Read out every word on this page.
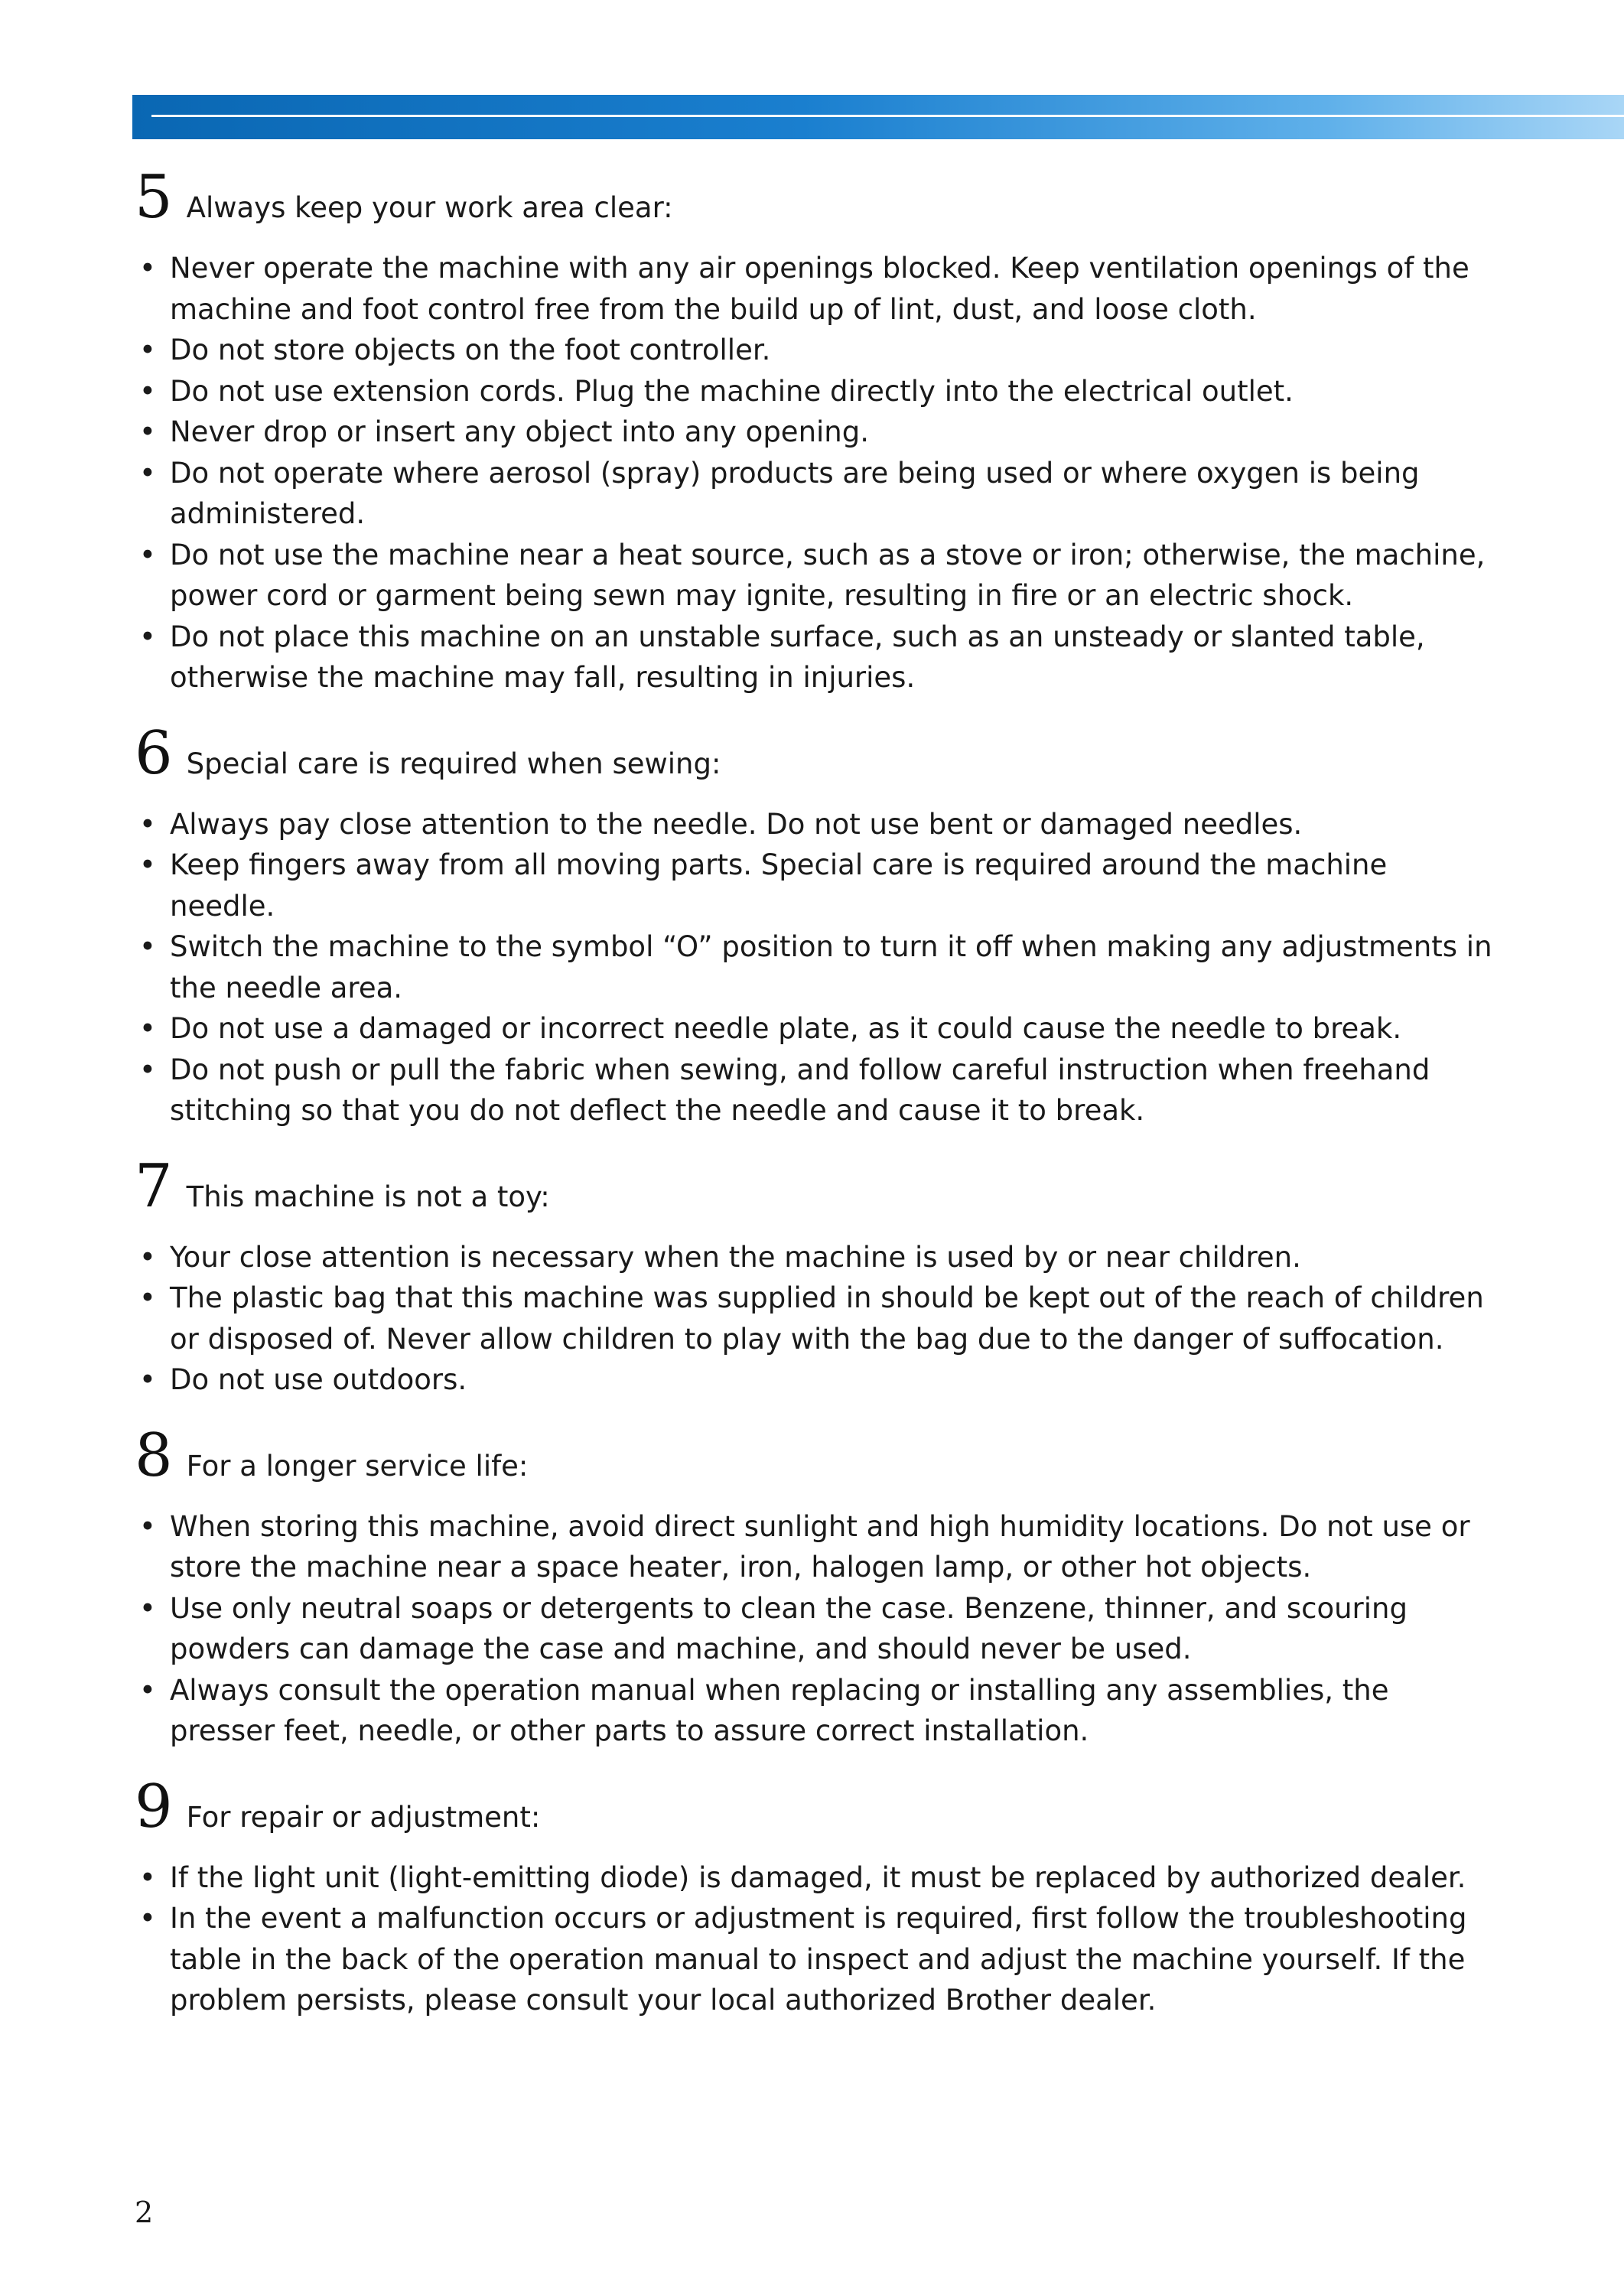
5 Always keep your work area clear:
• Never operate the machine with any air openings blocked. Keep ventilation openings of the machine and foot control free from the build up of lint, dust, and loose cloth.
• Do not store objects on the foot controller.
• Do not use extension cords. Plug the machine directly into the electrical outlet.
• Never drop or insert any object into any opening.
• Do not operate where aerosol (spray) products are being used or where oxygen is being administered.
• Do not use the machine near a heat source, such as a stove or iron; otherwise, the machine, power cord or garment being sewn may ignite, resulting in fire or an electric shock.
• Do not place this machine on an unstable surface, such as an unsteady or slanted table, otherwise the machine may fall, resulting in injuries.
6 Special care is required when sewing:
• Always pay close attention to the needle. Do not use bent or damaged needles.
• Keep fingers away from all moving parts. Special care is required around the machine needle.
• Switch the machine to the symbol “O” position to turn it off when making any adjustments in the needle area.
• Do not use a damaged or incorrect needle plate, as it could cause the needle to break.
• Do not push or pull the fabric when sewing, and follow careful instruction when freehand stitching so that you do not deflect the needle and cause it to break.
7 This machine is not a toy:
• Your close attention is necessary when the machine is used by or near children.
• The plastic bag that this machine was supplied in should be kept out of the reach of children or disposed of. Never allow children to play with the bag due to the danger of suffocation.
• Do not use outdoors.
8 For a longer service life:
• When storing this machine, avoid direct sunlight and high humidity locations. Do not use or store the machine near a space heater, iron, halogen lamp, or other hot objects.
• Use only neutral soaps or detergents to clean the case. Benzene, thinner, and scouring powders can damage the case and machine, and should never be used.
• Always consult the operation manual when replacing or installing any assemblies, the presser feet, needle, or other parts to assure correct installation.
9 For repair or adjustment:
• If the light unit (light-emitting diode) is damaged, it must be replaced by authorized dealer.
• In the event a malfunction occurs or adjustment is required, first follow the troubleshooting table in the back of the operation manual to inspect and adjust the machine yourself. If the problem persists, please consult your local authorized Brother dealer.
2
